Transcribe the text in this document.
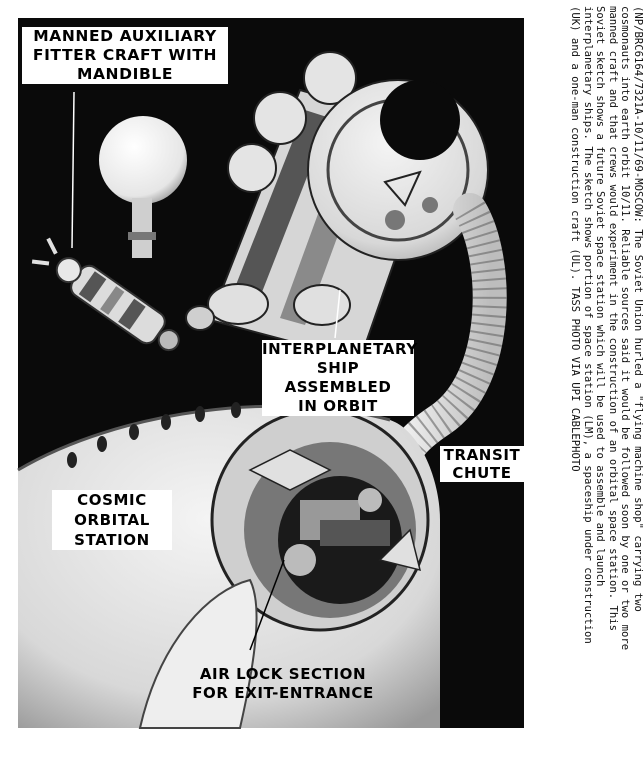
MANNED AUXILIARY
FITTER CRAFT WITH
MANDIBLE
INTERPLANETARY
SHIP ASSEMBLED
IN ORBIT
TRANSIT
CHUTE
COSMIC
ORBITAL
STATION
AIR LOCK SECTION
FOR EXIT-ENTRANCE
(NP/BRC6164/7321A-10/11/69-MOSCOW: The Soviet Union hurled a "flying machine shop" carrying two cosmonauts into earth orbit 10/11. Reliable sources said it would be followed soon by one or two more manned craft and that crews would experiment in the construction of an orbital space station. This Soviet sketch shows a future Soviet space station which will be used to assemble and launch interplanetary ships. The sketch shows portion of space station (LM), a spaceship under construction (UK) and a one-man construction craft (UL). TASS PHOTO VIA UPI CABLEPHOTO
